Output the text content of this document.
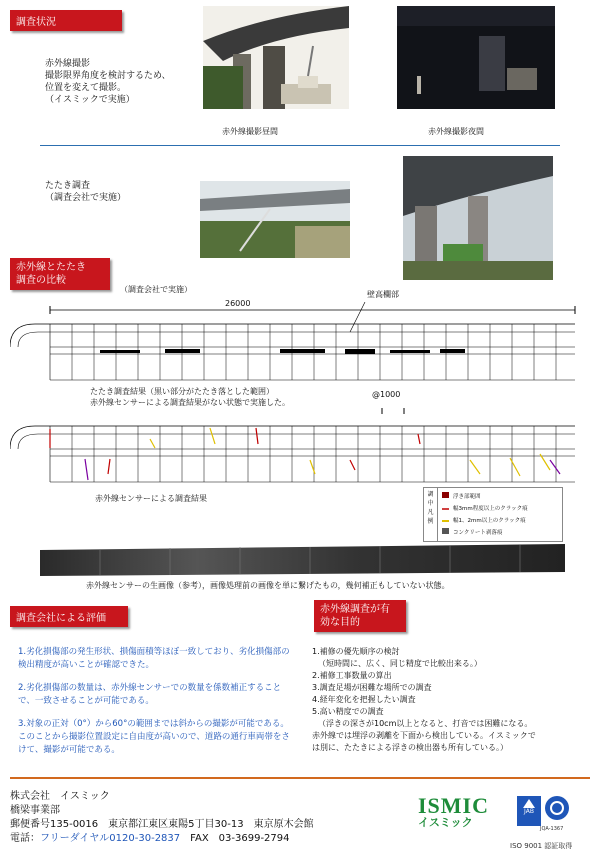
調査状況
赤外線撮影
撮影限界角度を検討するため、
位置を変えて撮影。
（イスミックで実施）
赤外線撮影昼間	赤外線撮影夜間
たたき調査
（調査会社で実施）
赤外線とたたき
調査の比較
（調査会社で実施）
26000
壁高欄部
たたき調査結果（黒い部分がたたき落とした範囲）
赤外線センサーによる調査結果がない状態で実施した。
@1000
赤外線センサーによる調査結果	調
中
凡
例
浮き部範囲
幅3mm程度以上のクラック痕
幅1、2mm以上のクラック痕
コンクリート剥落痕
赤外線センサーの生画像（参考），画像処理前の画像を単に繋げたもの，幾何補正もしていない状態。
調査会社による評価
1.劣化損傷部の発生形状、損傷面積等ほぼ一致しており、劣化損傷部の検出精度が高いことが確認できた。
2.劣化損傷部の数量は、赤外線センサーでの数量を係数補正することで、一致させることが可能である。
3.対象の正対（0°）から60°の範囲までは斜からの撮影が可能である。このことから撮影位置設定に自由度が高いので、道路の通行車両帯をさけて、撮影が可能である。
赤外線調査が有
効な目的
1.補修の優先順序の検討
（短時間に、広く、同じ精度で比較出来る。）
2.補修工事数量の算出
3.調査足場が困難な場所での調査
4.経年変化を把握したい調査
5.高い精度での調査
（浮きの深さが10cm以上となると、打音では困難になる。
赤外線では埋浮の剥離を下面から検出している。イスミックで
は別に、たたきによる浮きの検出器も所有している。）
株式会社　イスミック
橋梁事業部
郵便番号135-0016　東京都江東区東陽5丁目30-13　東京原木会館
電話：フリーダイヤル0120-30-2837　 FAX　03-3699-2794
ISMIC
イスミック
JAB
JQA-1367
ISO 9001 認証取得
